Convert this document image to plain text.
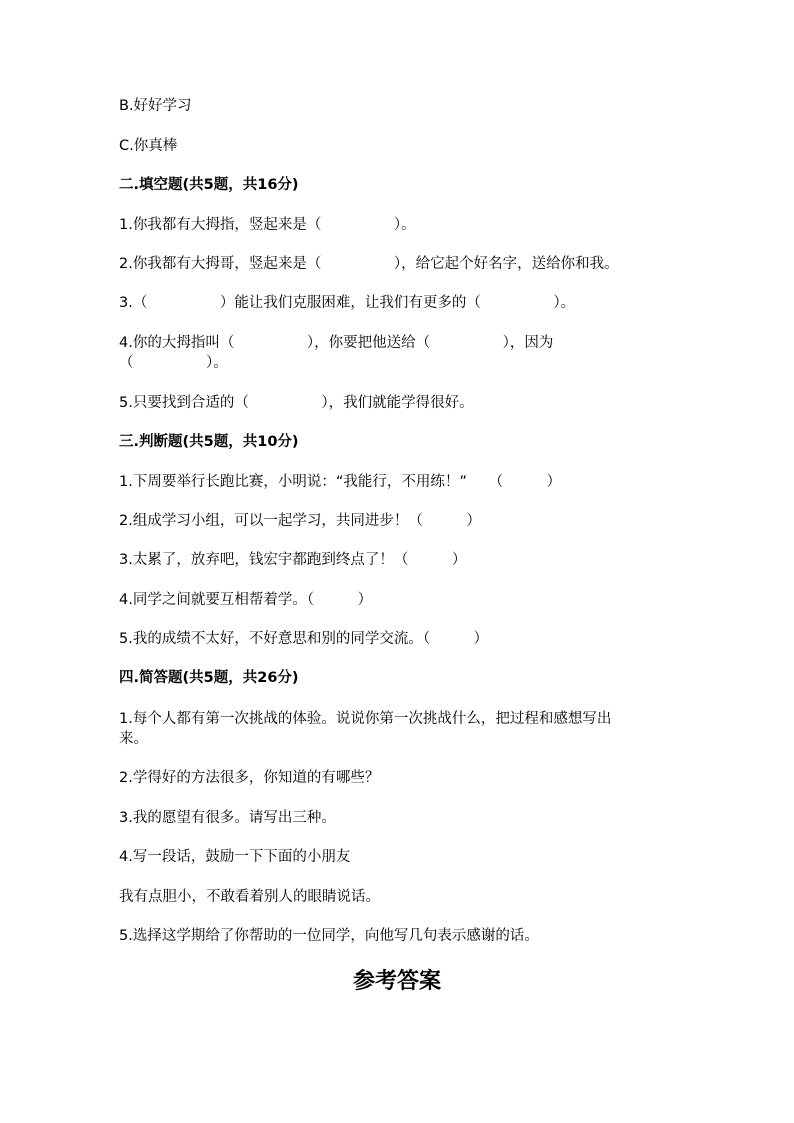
B.好好学习
C.你真棒
二.填空题(共5题，共16分)
1.你我都有大拇指，竖起来是（　　　　　）。
2.你我都有大拇哥，竖起来是（　　　　　），给它起个好名字，送给你和我。
3.（　　　　　）能让我们克服困难，让我们有更多的（　　　　　）。
4.你的大拇指叫（　　　　　），你要把他送给（　　　　　），因为
（　　　　　）。
5.只要找到合适的（　　　　　），我们就能学得很好。
三.判断题(共5题，共10分)
1.下周要举行长跑比赛，小明说：“我能行，不用练！”　　（　　　）
2.组成学习小组，可以一起学习，共同进步！（　　　）
3.太累了，放弃吧，钱宏宇都跑到终点了！（　　　）
4.同学之间就要互相帮着学。（　　　）
5.我的成绩不太好，不好意思和别的同学交流。（　　　）
四.简答题(共5题，共26分)
1.每个人都有第一次挑战的体验。说说你第一次挑战什么，把过程和感想写出
来。
2.学得好的方法很多，你知道的有哪些？
3.我的愿望有很多。请写出三种。
4.写一段话，鼓励一下下面的小朋友
我有点胆小，不敢看着别人的眼睛说话。
5.选择这学期给了你帮助的一位同学，向他写几句表示感谢的话。
参考答案
